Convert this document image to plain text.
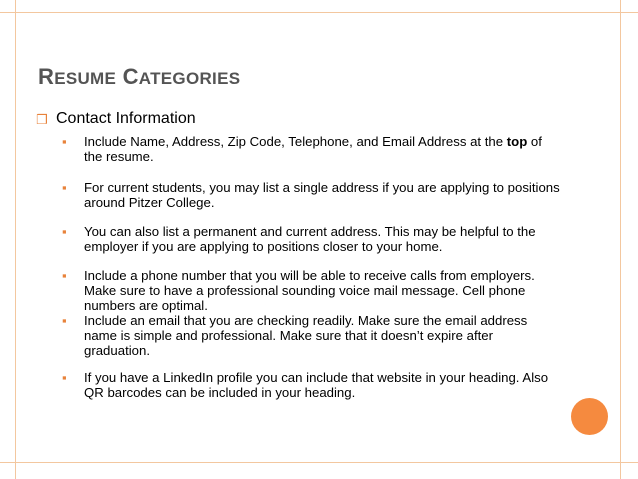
RESUME CATEGORIES
❒ Contact Information
▪ Include Name, Address, Zip Code, Telephone, and Email Address at the top of the resume.
▪ For current students, you may list a single address if you are applying to positions around Pitzer College.
▪ You can also list a permanent and current address. This may be helpful to the employer if you are applying to positions closer to your home.
▪ Include a phone number that you will be able to receive calls from employers. Make sure to have a professional sounding voice mail message. Cell phone numbers are optimal.
▪ Include an email that you are checking readily. Make sure the email address name is simple and professional. Make sure that it doesn’t expire after graduation.
▪ If you have a LinkedIn profile you can include that website in your heading. Also QR barcodes can be included in your heading.
